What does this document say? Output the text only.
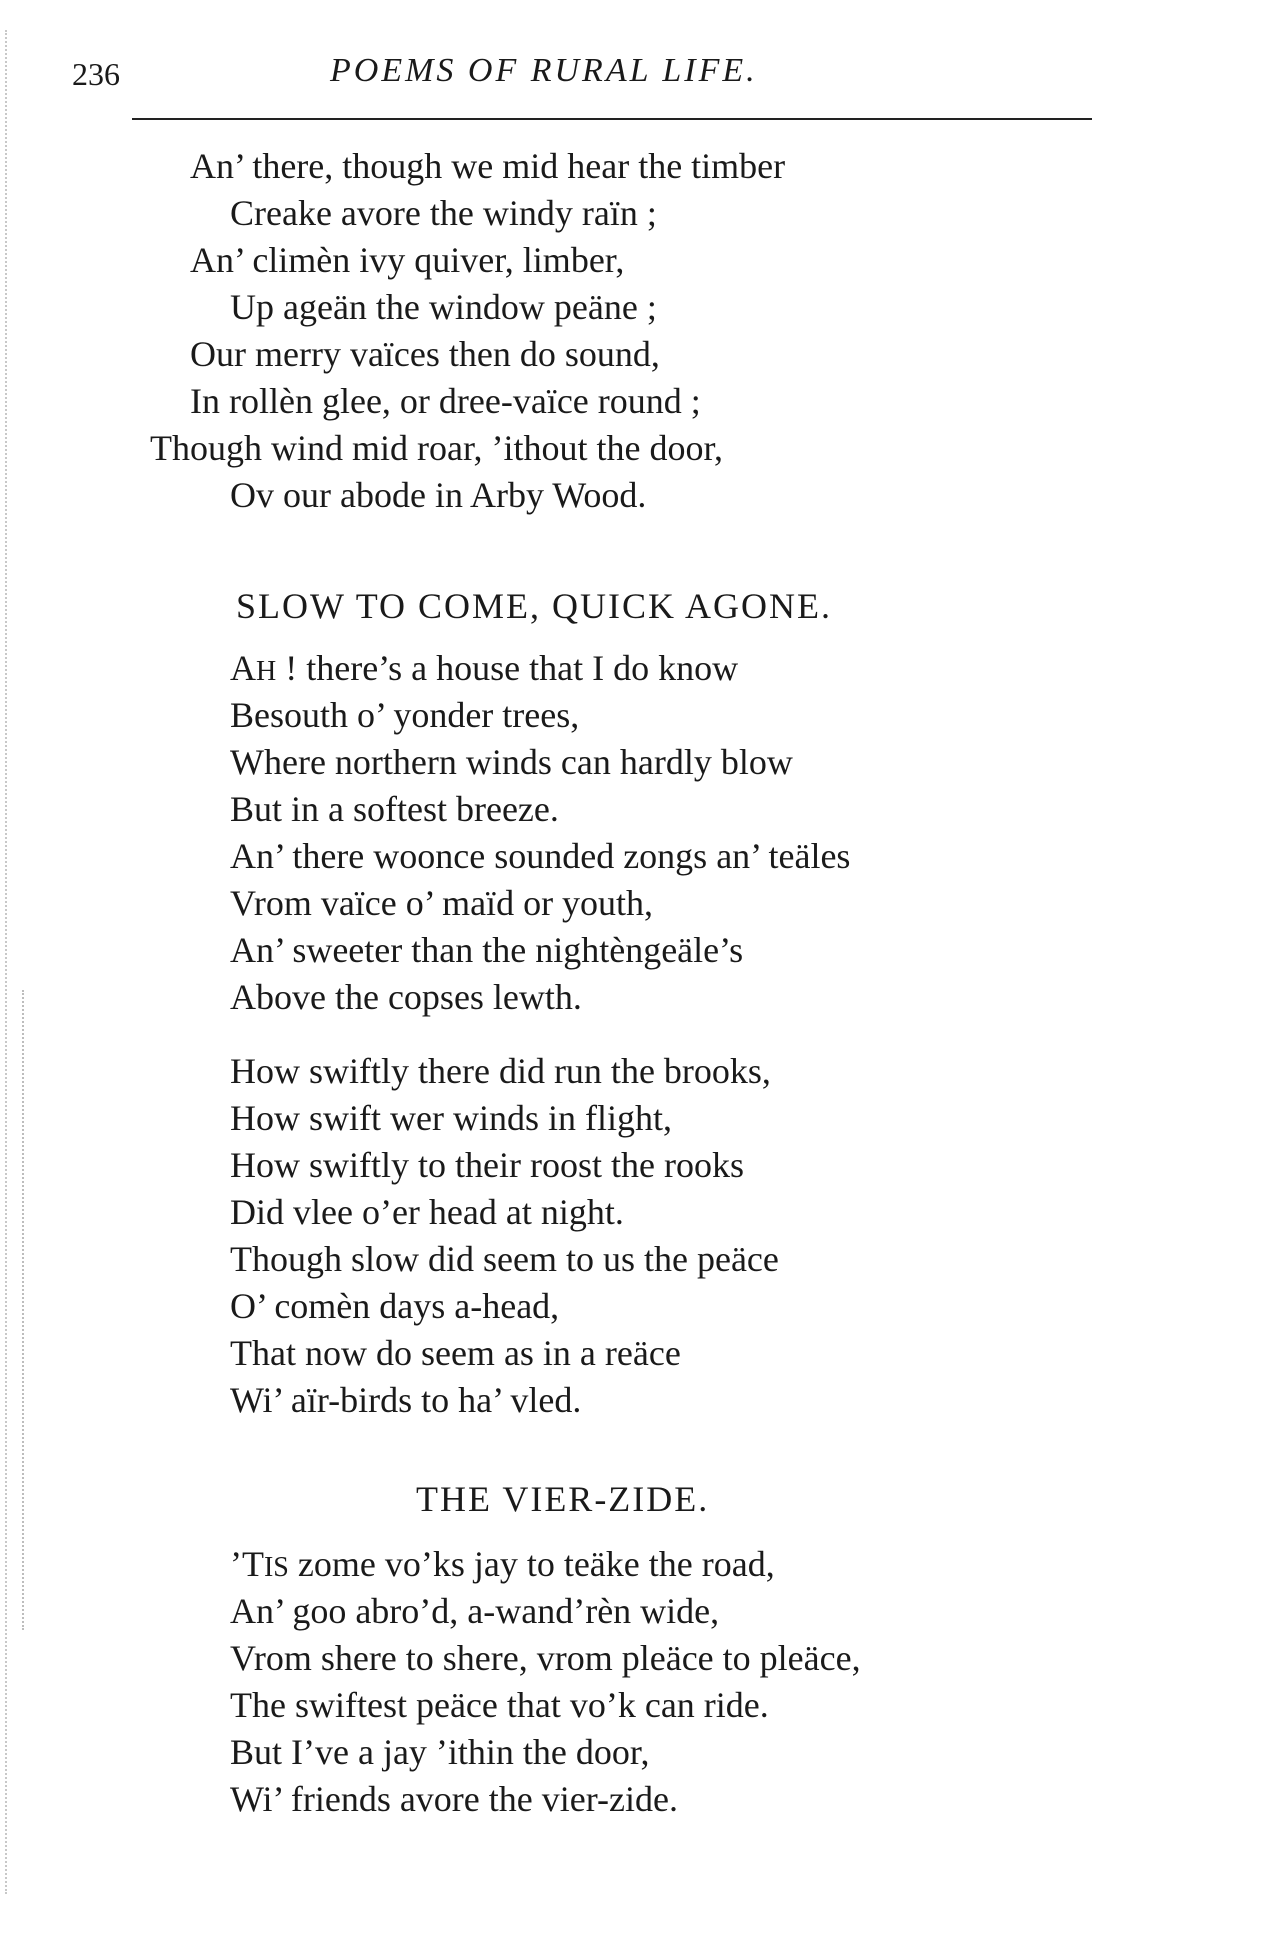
236	POEMS OF RURAL LIFE.
An’ there, though we mid hear the timber
Creake avore the windy raïn ;
An’ climèn ivy quiver, limber,
Up ageän the window peäne ;
Our merry vaïces then do sound,
In rollèn glee, or dree-vaïce round ;
Though wind mid roar, ’ithout the door,
Ov our abode in Arby Wood.
SLOW TO COME, QUICK AGONE.
AH ! there’s a house that I do know
Besouth o’ yonder trees,
Where northern winds can hardly blow
But in a softest breeze.
An’ there woonce sounded zongs an’ teäles
Vrom vaïce o’ maïd or youth,
An’ sweeter than the nightèngeäle’s
Above the copses lewth.
How swiftly there did run the brooks,
How swift wer winds in flight,
How swiftly to their roost the rooks
Did vlee o’er head at night.
Though slow did seem to us the peäce
O’ comèn days a-head,
That now do seem as in a reäce
Wi’ aïr-birds to ha’ vled.
THE VIER-ZIDE.
’TIS zome vo’ks jay to teäke the road,
An’ goo abro’d, a-wand’rèn wide,
Vrom shere to shere, vrom pleäce to pleäce,
The swiftest peäce that vo’k can ride.
But I’ve a jay ’ithin the door,
Wi’ friends avore the vier-zide.
